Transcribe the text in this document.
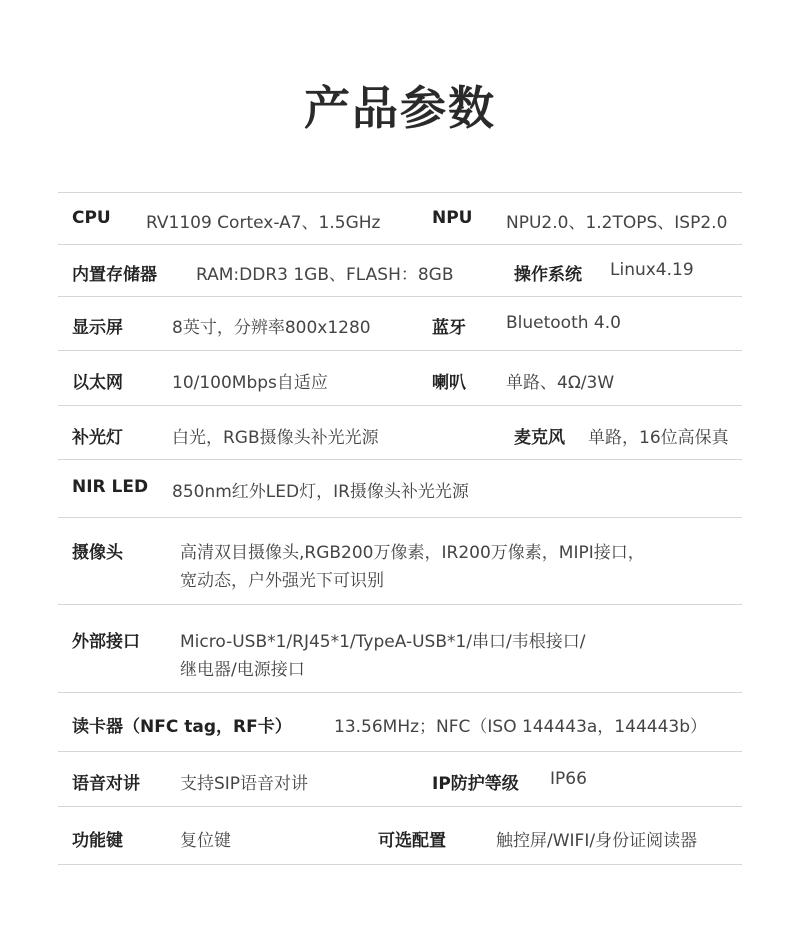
产品参数
CPU RV1109 Cortex-A7、1.5GHz	NPU NPU2.0、1.2TOPS、ISP2.0
内置存储器 RAM:DDR3 1GB、FLASH：8GB	操作系统 Linux4.19
显示屏	8英寸，分辨率800x1280	蓝牙 Bluetooth 4.0
以太网	10/100Mbps自适应	喇叭 单路、4Ω/3W
补光灯	白光，RGB摄像头补光光源	麦克风 单路，16位高保真
NIR LED 850nm红外LED灯，IR摄像头补光光源
摄像头	高清双目摄像头,RGB200万像素，IR200万像素，MIPI接口，
宽动态，户外强光下可识别
外部接口 Micro-USB*1/RJ45*1/TypeA-USB*1/串口/韦根接口/
继电器/电源接口
读卡器（NFC tag，RF卡） 13.56MHz；NFC（ISO 144443a，144443b）
语音对讲 支持SIP语音对讲	IP防护等级 IP66
功能键	复位键	可选配置	触控屏/WIFI/身份证阅读器
